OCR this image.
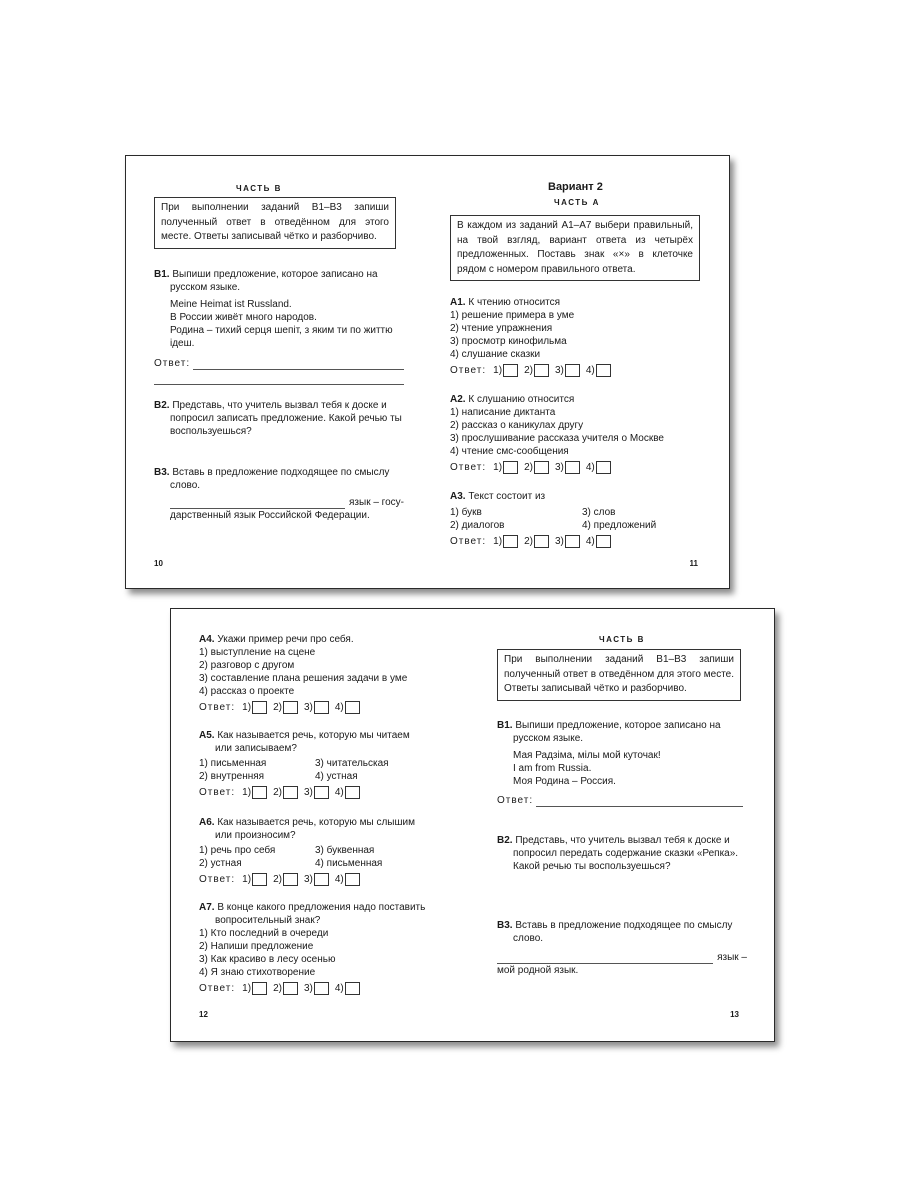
ЧАСТЬ В
При выполнении заданий В1–В3 запиши полученный ответ в отведённом для этого месте. Ответы записывай чётко и разборчиво.
В1. Выпиши предложение, которое записано на русском языке.
Meine Heimat ist Russland.
В России живёт много народов.
Родина – тихий серця шепіт, з яким ти по життю ідеш.
Ответ:
В2. Представь, что учитель вызвал тебя к доске и попросил записать предложение. Какой речью ты воспользуешься?
В3. Вставь в предложение подходящее по смыслу слово.
язык – госу-
дарственный язык Российской Федерации.
10
Вариант 2
ЧАСТЬ А
В каждом из заданий А1–А7 выбери правильный, на твой взгляд, вариант ответа из четырёх предложенных. Поставь знак «×» в клеточке рядом с номером правильного ответа.
А1. К чтению относится
1) решение примера в уме
2) чтение упражнения
3) просмотр кинофильма
4) слушание сказки
Ответ: 1) 2) 3) 4)
А2. К слушанию относится
1) написание диктанта
2) рассказ о каникулах другу
3) прослушивание рассказа учителя о Москве
4) чтение смс-сообщения
Ответ: 1) 2) 3) 4)
А3. Текст состоит из
1) букв	3) слов
2) диалогов	4) предложений
Ответ: 1) 2) 3) 4)
11
А4. Укажи пример речи про себя.
1) выступление на сцене
2) разговор с другом
3) составление плана решения задачи в уме
4) рассказ о проекте
Ответ: 1) 2) 3) 4)
А5. Как называется речь, которую мы читаем или записываем?
1) письменная	3) читательская
2) внутренняя	4) устная
Ответ: 1) 2) 3) 4)
А6. Как называется речь, которую мы слышим или произносим?
1) речь про себя	3) буквенная
2) устная	4) письменная
Ответ: 1) 2) 3) 4)
А7. В конце какого предложения надо поставить вопросительный знак?
1) Кто последний в очереди
2) Напиши предложение
3) Как красиво в лесу осенью
4) Я знаю стихотворение
Ответ: 1) 2) 3) 4)
12
ЧАСТЬ В
При выполнении заданий В1–В3 запиши полученный ответ в отведённом для этого месте. Ответы записывай чётко и разборчиво.
В1. Выпиши предложение, которое записано на русском языке.
Мая Радзіма, мілы мой куточак!
I am from Russia.
Моя Родина – Россия.
Ответ:
В2. Представь, что учитель вызвал тебя к доске и попросил передать содержание сказки «Репка». Какой речью ты воспользуешься?
В3. Вставь в предложение подходящее по смыслу слово.
язык –
мой родной язык.
13
